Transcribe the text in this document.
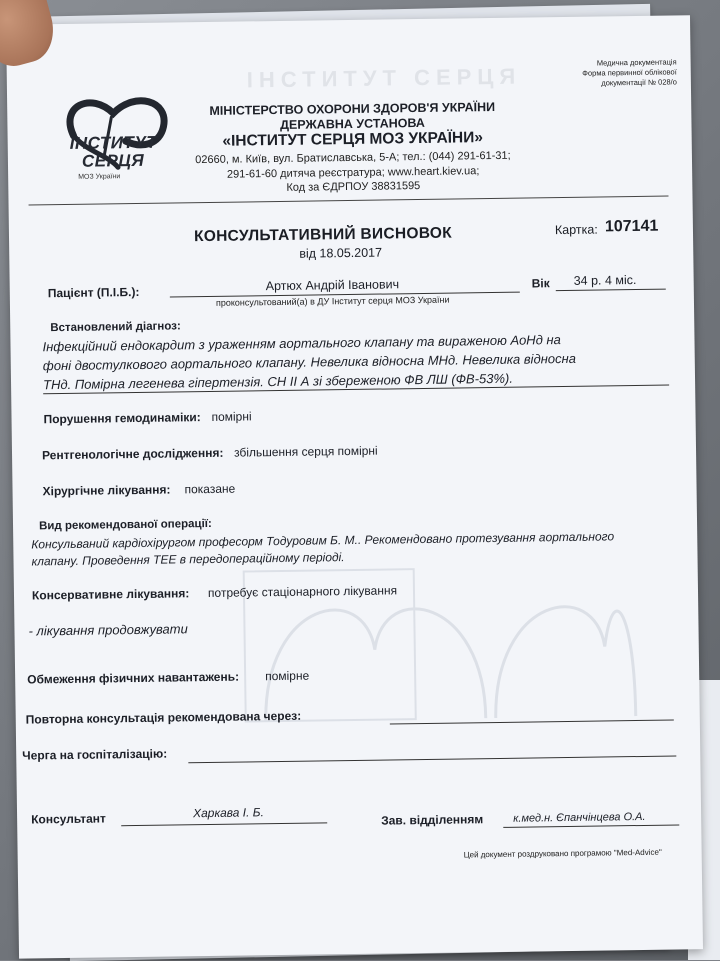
ІНСТИТУТ СЕРЦЯ
Медична документація
Форма первинної облікової
документації № 028/о
ІНСТИТУТ
СЕРЦЯ
МОЗ України
МІНІСТЕРСТВО ОХОРОНИ ЗДОРОВ'Я УКРАЇНИ
ДЕРЖАВНА УСТАНОВА
«ІНСТИТУТ СЕРЦЯ МОЗ УКРАЇНИ»
02660, м. Київ, вул. Братиславська, 5-А; тел.: (044) 291-61-31;
291-61-60 дитяча реєстратура; www.heart.kiev.ua;
Код за ЄДРПОУ 38831595
КОНСУЛЬТАТИВНИЙ ВИСНОВОК
від 18.05.2017
Картка: 107141
Пацієнт (П.І.Б.):	Артюх Андрій Іванович
проконсультований(а) в ДУ Інститут серця МОЗ України
Вік 34 р. 4 міс.
Встановлений діагноз:
Інфекційний ендокардит з ураженням аортального клапану та вираженою АоНд на
фоні двостулкового аортального клапану. Невелика відносна МНд. Невелика відносна
ТНд. Помірна легенева гіпертензія. СН ІІ А зі збереженою ФВ ЛШ (ФВ-53%).
Порушення гемодинаміки: помірні
Рентгенологічне дослідження: збільшення серця помірні
Хірургічне лікування: показане
Вид рекомендованої операції:
Консульваний кардіохірургом професорм Тодуровим Б. М.. Рекомендовано протезування аортального
клапану. Проведення ТЕЕ в передопераційному періоді.
Консервативне лікування: потребує стаціонарного лікування
- лікування продовжувати
Обмеження фізичних навантажень: помірне
Повторна консультація рекомендована через:
Черга на госпіталізацію:
Консультант	Харкава І. Б.	Зав. відділенням	к.мед.н. Єпанчінцева О.А.
Цей документ роздруковано програмою "Med-Advice"
